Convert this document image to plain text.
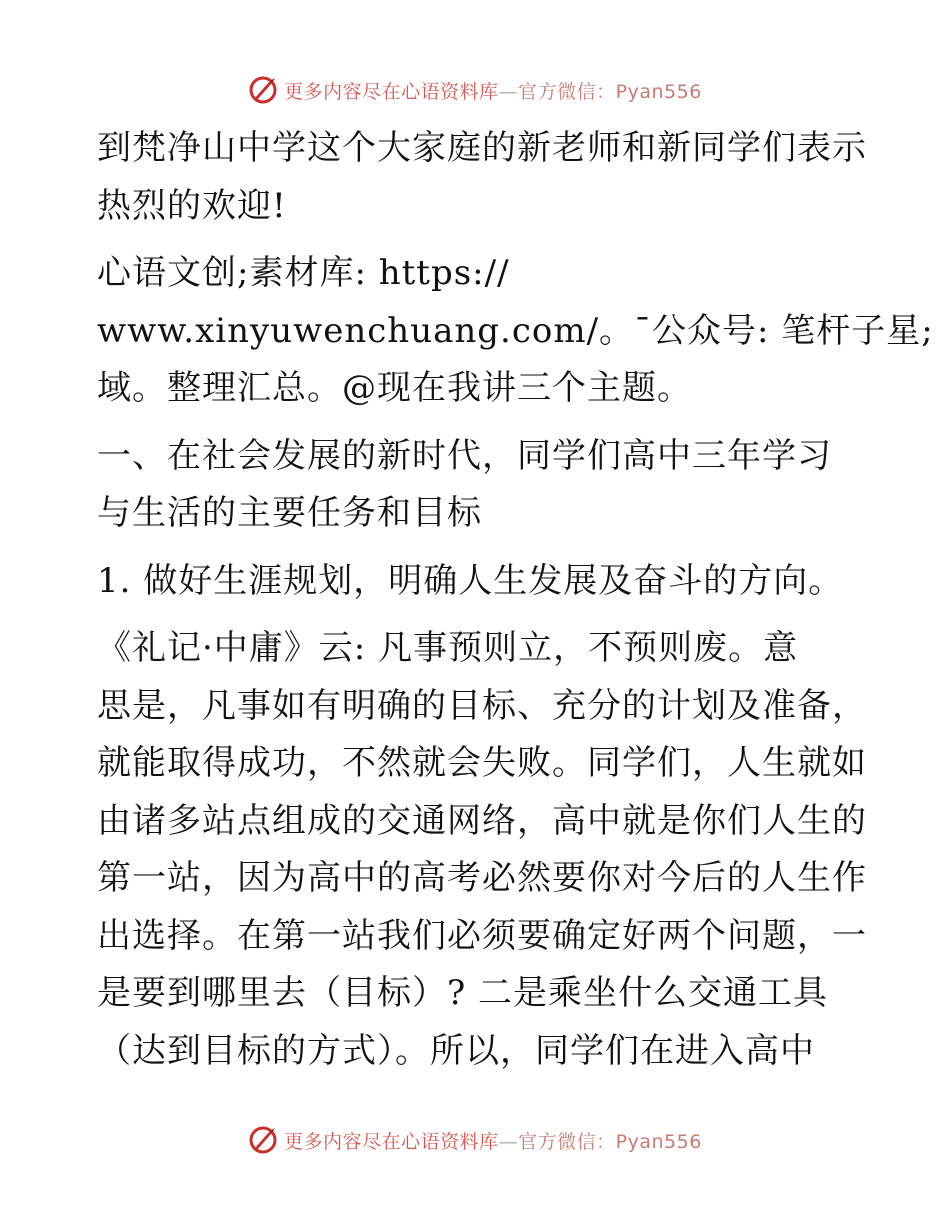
更多内容尽在心语资料库—官方微信：Pyan556
到梵净山中学这个大家庭的新老师和新同学们表示
热烈的欢迎!
心语文创;素材库: https://
www.xinyuwenchuang.com/。¯公众号: 笔杆子星;
域。整理汇总。@现在我讲三个主题。
一、在社会发展的新时代，同学们高中三年学习
与生活的主要任务和目标
1. 做好生涯规划，明确人生发展及奋斗的方向。
《礼记·中庸》云: 凡事预则立，不预则废。意
思是，凡事如有明确的目标、充分的计划及准备，
就能取得成功，不然就会失败。同学们，人生就如
由诸多站点组成的交通网络，高中就是你们人生的
第一站，因为高中的高考必然要你对今后的人生作
出选择。在第一站我们必须要确定好两个问题，一
是要到哪里去（目标）? 二是乘坐什么交通工具
（达到目标的方式）。所以，同学们在进入高中
更多内容尽在心语资料库—官方微信：Pyan556
